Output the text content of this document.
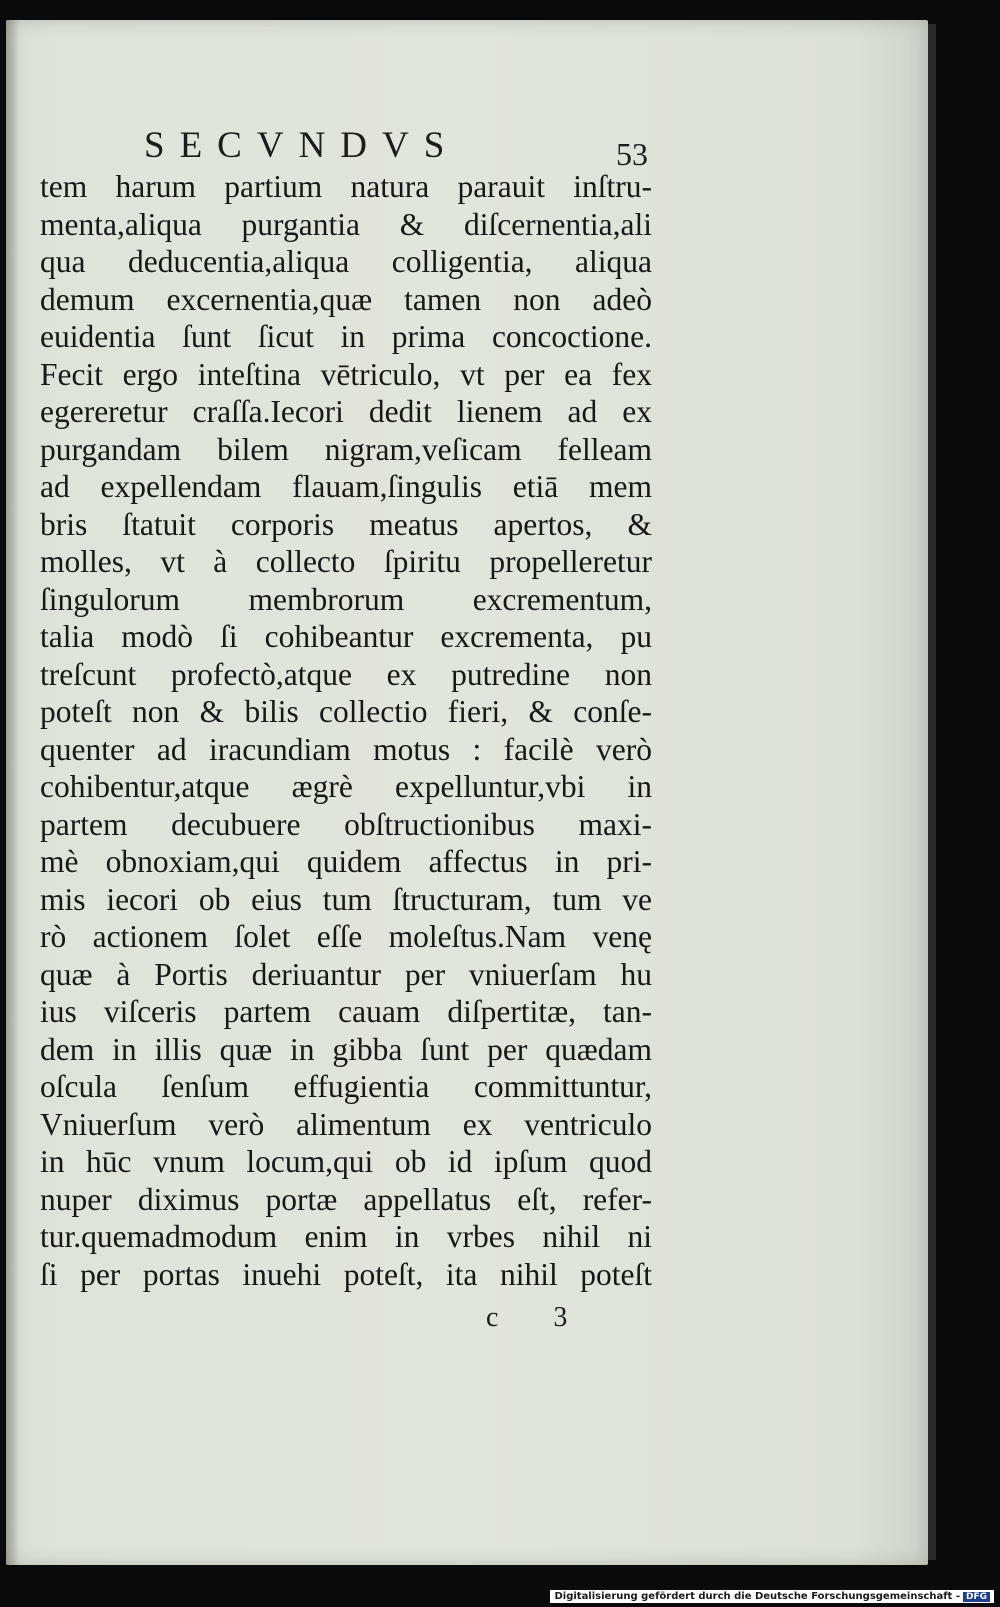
SECVNDVS	53
tem harum partium natura parauit inſtru-
menta,aliqua purgantia & diſcernentia,ali
qua deducentia,aliqua colligentia, aliqua
demum excernentia,quæ tamen non adeò
euidentia ſunt ſicut in prima concoctione.
Fecit ergo inteſtina vētriculo, vt per ea fex
egereretur craſſa.Iecori dedit lienem ad ex
purgandam bilem nigram,veſicam felleam
ad expellendam flauam,ſingulis etiā mem
bris ſtatuit corporis meatus apertos, &
molles, vt à collecto ſpiritu propelleretur
ſingulorum membrorum excrementum,
talia modò ſi cohibeantur excrementa, pu
treſcunt profectò,atque ex putredine non
poteſt non & bilis collectio fieri, & conſe-
quenter ad iracundiam motus : facilè verò
cohibentur,atque ægrè expelluntur,vbi in
partem decubuere obſtructionibus maxi-
mè obnoxiam,qui quidem affectus in pri-
mis iecori ob eius tum ſtructuram, tum ve
rò actionem ſolet eſſe moleſtus.Nam venę
quæ à Portis deriuantur per vniuerſam hu
ius viſceris partem cauam diſpertitæ, tan-
dem in illis quæ in gibba ſunt per quædam
oſcula ſenſum effugientia committuntur,
Vniuerſum verò alimentum ex ventriculo
in hūc vnum locum,qui ob id ipſum quod
nuper diximus portæ appellatus eſt, refer-
tur.quemadmodum enim in vrbes nihil ni
ſi per portas inuehi poteſt, ita nihil poteſt
c 3
Digitalisierung gefördert durch die Deutsche Forschungsgemeinschaft - DFG
